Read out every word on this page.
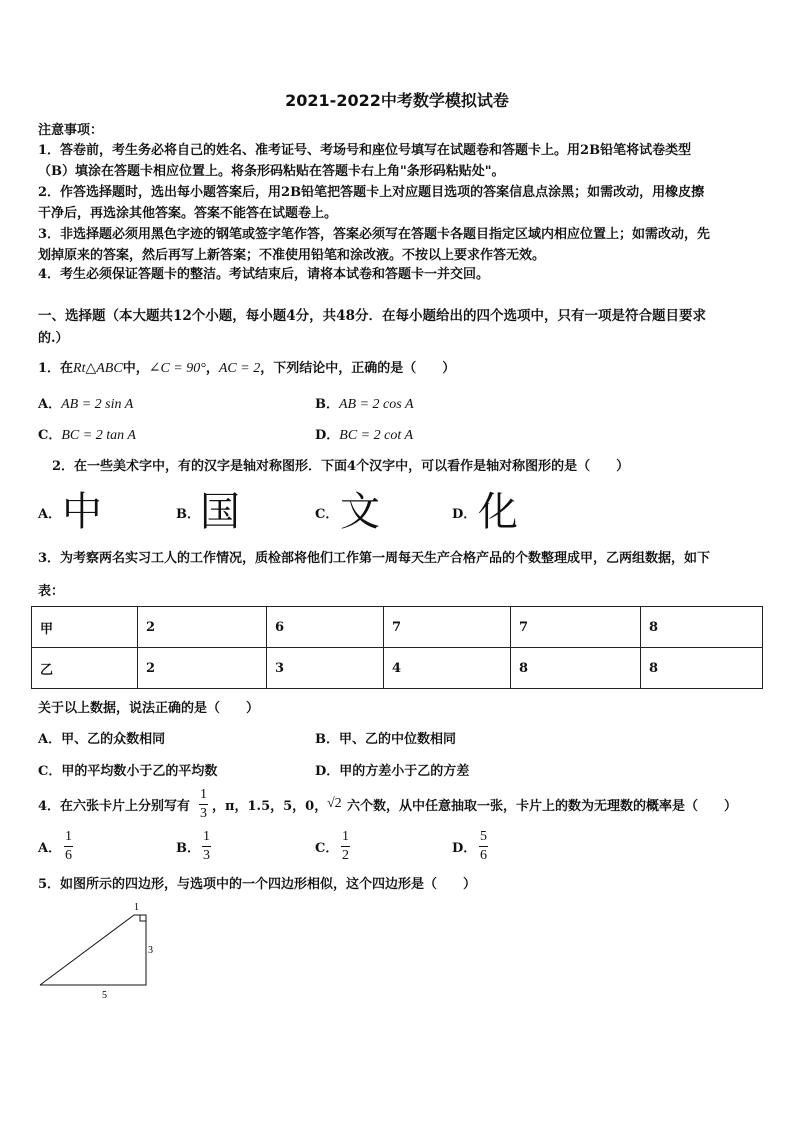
2021-2022中考数学模拟试卷
注意事项：
1．答卷前，考生务必将自己的姓名、准考证号、考场号和座位号填写在试题卷和答题卡上。用2B铅笔将试卷类型
（B）填涂在答题卡相应位置上。将条形码粘贴在答题卡右上角"条形码粘贴处"。
2．作答选择题时，选出每小题答案后，用2B铅笔把答题卡上对应题目选项的答案信息点涂黑；如需改动，用橡皮擦
干净后，再选涂其他答案。答案不能答在试题卷上。
3．非选择题必须用黑色字迹的钢笔或签字笔作答，答案必须写在答题卡各题目指定区域内相应位置上；如需改动，先
划掉原来的答案，然后再写上新答案；不准使用铅笔和涂改液。不按以上要求作答无效。
4．考生必须保证答题卡的整洁。考试结束后，请将本试卷和答题卡一并交回。
一、选择题（本大题共12个小题，每小题4分，共48分．在每小题给出的四个选项中，只有一项是符合题目要求
的.）
1．在Rt△ABC中，∠C = 90°，AC = 2，下列结论中，正确的是（　　）
A．AB = 2 sin A	B．AB = 2 cos A
C．BC = 2 tan A	D．BC = 2 cot A
2．在一些美术字中，有的汉字是轴对称图形．下面4个汉字中，可以看作是轴对称图形的是（　　）
A． 中	B． 国	C． 文	D． 化
3．为考察两名实习工人的工作情况，质检部将他们工作第一周每天生产合格产品的个数整理成甲，乙两组数据，如下
表：
甲	2	6	7	7	8
乙	2	3	4	8	8
关于以上数据，说法正确的是（　　）
A．甲、乙的众数相同	B．甲、乙的中位数相同
C．甲的平均数小于乙的平均数	D．甲的方差小于乙的方差
4．在六张卡片上分别写有
1
3 ，π，1.5，5，0， √2 六个数，从中任意抽取一张，卡片上的数为无理数的概率是（　　）
A．
1
6	B．
1
3	C．
1
2	D．
5
6
5．如图所示的四边形，与选项中的一个四边形相似，这个四边形是（　　）
1
3
5
